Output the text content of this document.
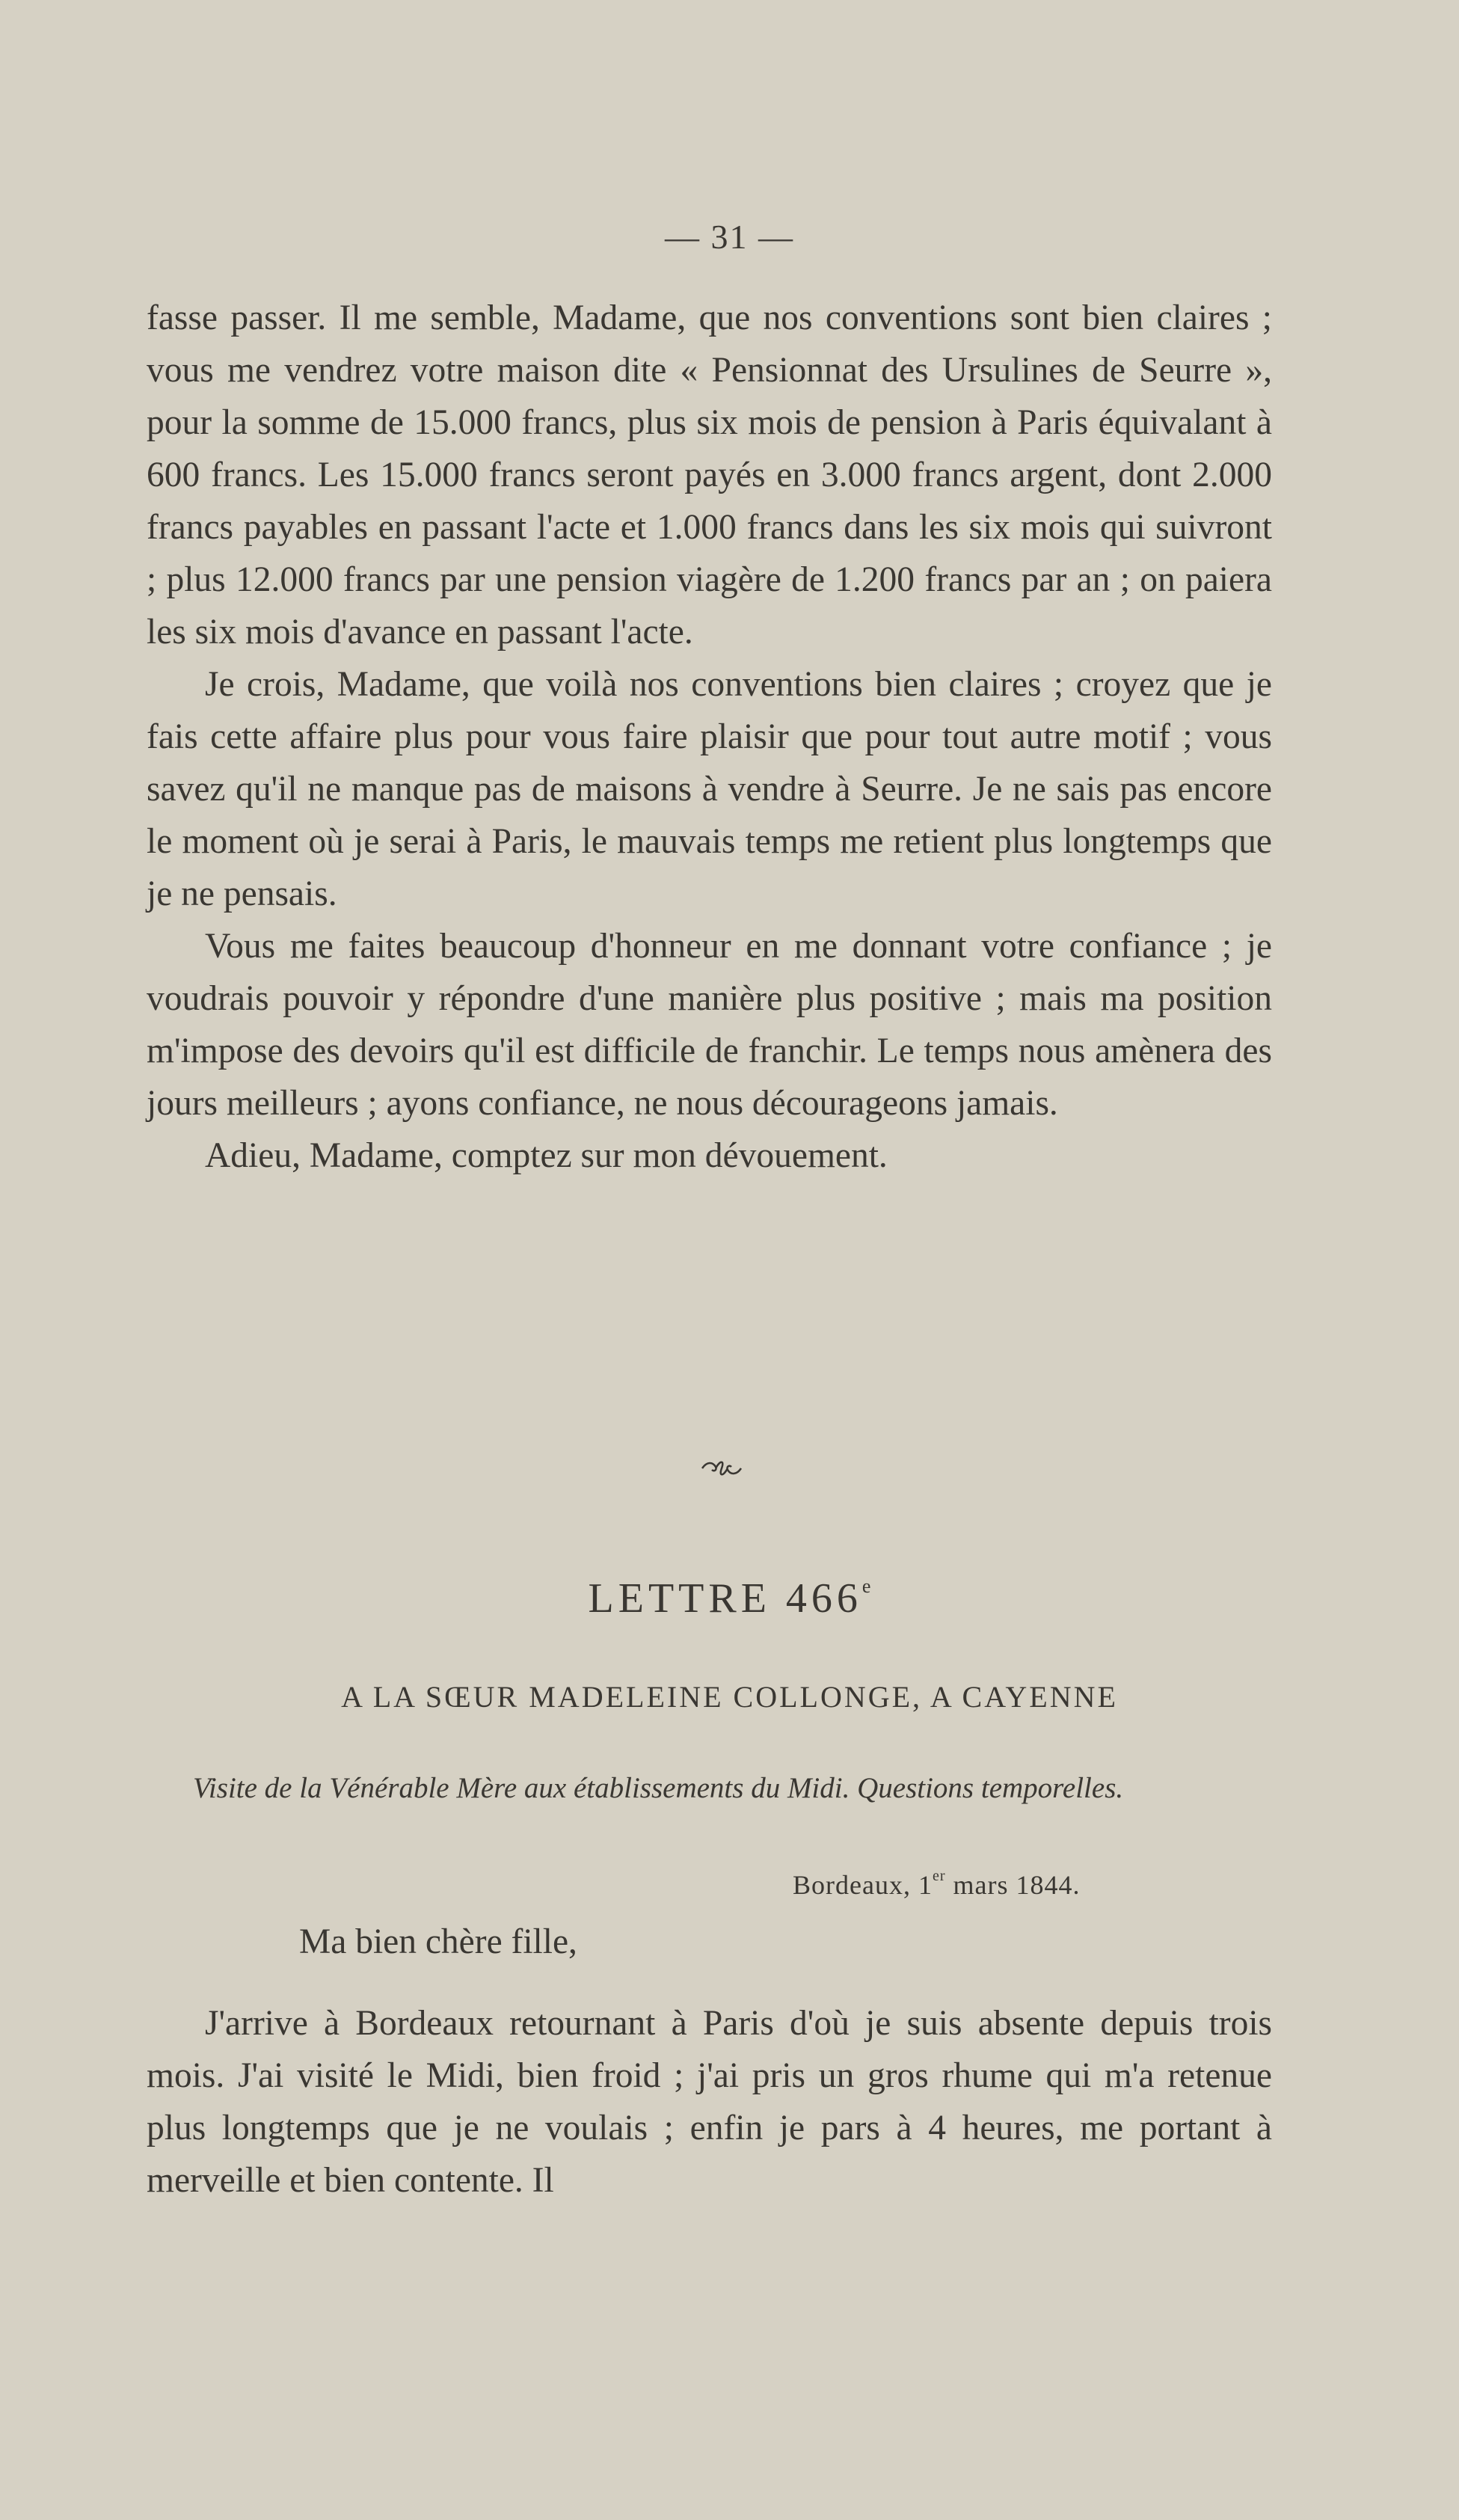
— 31 —

fasse passer. Il me semble, Madame, que nos conventions sont bien claires ; vous me vendrez votre maison dite « Pensionnat des Ursulines de Seurre », pour la somme de 15.000 francs, plus six mois de pension à Paris équivalant à 600 francs. Les 15.000 francs seront payés en 3.000 francs argent, dont 2.000 francs payables en passant l'acte et 1.000 francs dans les six mois qui suivront ; plus 12.000 francs par une pension viagère de 1.200 francs par an ; on paiera les six mois d'avance en passant l'acte.

Je crois, Madame, que voilà nos conventions bien claires ; croyez que je fais cette affaire plus pour vous faire plaisir que pour tout autre motif ; vous savez qu'il ne manque pas de maisons à vendre à Seurre. Je ne sais pas encore le moment où je serai à Paris, le mauvais temps me retient plus longtemps que je ne pensais.

Vous me faites beaucoup d'honneur en me donnant votre confiance ; je voudrais pouvoir y répondre d'une manière plus positive ; mais ma position m'impose des devoirs qu'il est difficile de franchir. Le temps nous amènera des jours meilleurs ; ayons confiance, ne nous décourageons jamais.

Adieu, Madame, comptez sur mon dévouement.

LETTRE 466e
A LA SŒUR MADELEINE COLLONGE, A CAYENNE

Visite de la Vénérable Mère aux établissements du Midi. Questions temporelles.

Bordeaux, 1er mars 1844.

Ma bien chère fille,

J'arrive à Bordeaux retournant à Paris d'où je suis absente depuis trois mois. J'ai visité le Midi, bien froid ; j'ai pris un gros rhume qui m'a retenue plus longtemps que je ne voulais ; enfin je pars à 4 heures, me portant à merveille et bien contente. Il
